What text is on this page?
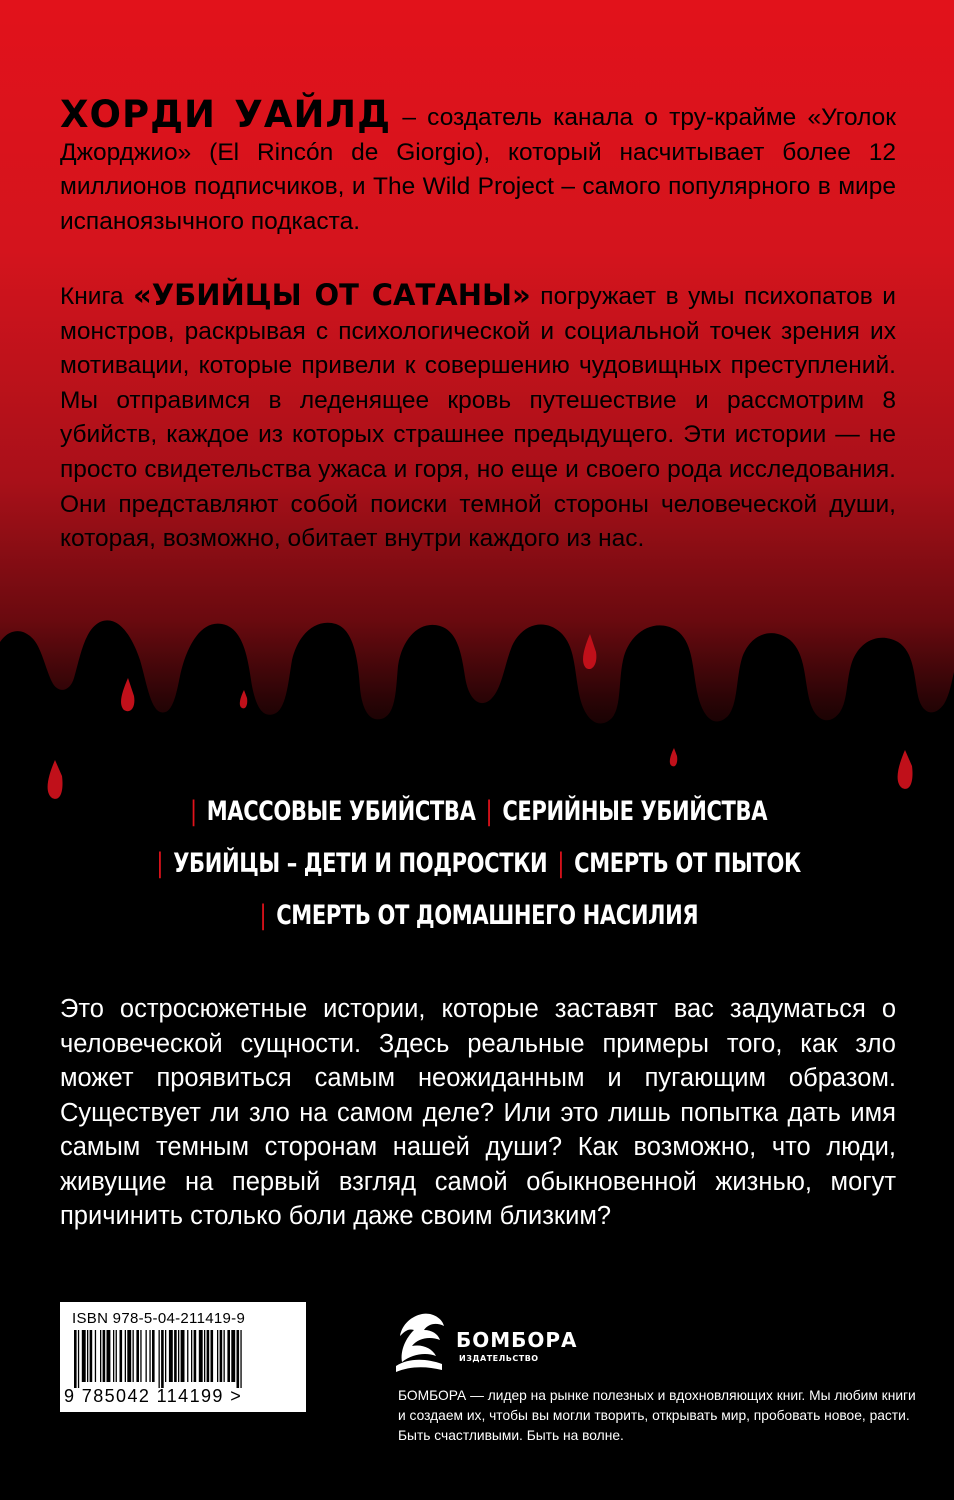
ХОРДИ УАЙЛД – создатель канала о тру-крайме «Уголок Джорджио» (El Rincón de Giorgio), который насчитывает более 12 миллионов подписчиков, и The Wild Project – самого популярного в мире испаноязычного подкаста.

Книга «УБИЙЦЫ ОТ САТАНЫ» погружает в умы психопатов и монстров, раскрывая с психологической и социальной точек зрения их мотивации, которые привели к совершению чудовищных преступлений. Мы отправимся в леденящее кровь путешествие и рассмотрим 8 убийств, каждое из которых страшнее предыдущего. Эти истории — не просто свидетельства ужаса и горя, но еще и своего рода исследования. Они представляют собой поиски темной стороны человеческой души, которая, возможно, обитает внутри каждого из нас.

| МАССОВЫЕ УБИЙСТВА | СЕРИЙНЫЕ УБИЙСТВА
| УБИЙЦЫ – ДЕТИ И ПОДРОСТКИ | СМЕРТЬ ОТ ПЫТОК
| СМЕРТЬ ОТ ДОМАШНЕГО НАСИЛИЯ

Это остросюжетные истории, которые заставят вас задуматься о человеческой сущности. Здесь реальные примеры того, как зло может проявиться самым неожиданным и пугающим образом. Существует ли зло на самом деле? Или это лишь попытка дать имя самым темным сторонам нашей души? Как возможно, что люди, живущие на первый взгляд самой обыкновенной жизнью, могут причинить столько боли даже своим близким?

ISBN 978-5-04-211419-9
9 785042 114199 >
БОМБОРА
ИЗДАТЕЛЬСТВО

БОМБОРА — лидер на рынке полезных и вдохновляющих книг. Мы любим книги и создаем их, чтобы вы могли творить, открывать мир, пробовать новое, расти. Быть счастливыми. Быть на волне.
